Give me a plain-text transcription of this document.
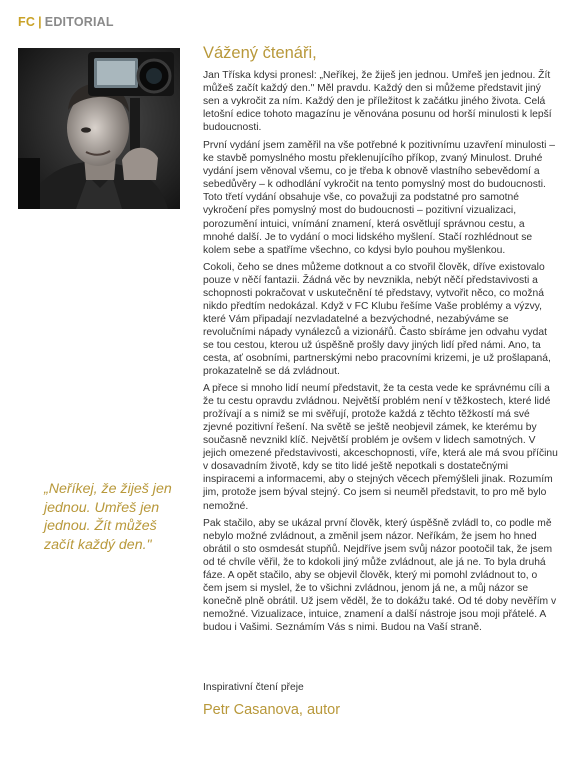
FC | EDITORIAL
„Neříkej, že žiješ jen jednou. Umřeš jen jednou. Žít můžeš začít každý den."
Vážený čtenáři,

Jan Tříska kdysi pronesl: „Neříkej, že žiješ jen jednou. Umřeš jen jednou. Žít můžeš začít každý den." Měl pravdu. Každý den si můžeme představit jiný sen a vykročit za ním. Každý den je příležitost k začátku jiného života. Celá letošní edice tohoto magazínu je věnována posunu od horší minulosti k lepší budoucnosti.

První vydání jsem zaměřil na vše potřebné k pozitivnímu uzavření minulosti – ke stavbě pomyslného mostu překlenujícího příkop, zvaný Minulost. Druhé vydání jsem věnoval všemu, co je třeba k obnově vlastního sebevědomí a sebedůvěry – k odhodlání vykročit na tento pomyslný most do budoucnosti. Toto třetí vydání obsahuje vše, co považuji za podstatné pro samotné vykročení přes pomyslný most do budoucnosti – pozitivní vizualizaci, porozumění intuici, vnímání znamení, která osvětlují správnou cestu, a mnohé další. Je to vydání o moci lidského myšlení. Stačí rozhlédnout se kolem sebe a spatříme všechno, co kdysi bylo pouhou myšlenkou.

Cokoli, čeho se dnes můžeme dotknout a co stvořil člověk, dříve existovalo pouze v něčí fantazii. Žádná věc by nevznikla, nebýt něčí představivosti a schopnosti pokračovat v uskutečnění té představy, vytvořit něco, co možná nikdo předtím nedokázal. Když v FC Klubu řešíme Vaše problémy a výzvy, které Vám připadají nezvladatelné a bezvýchodné, nezabýváme se revolučními nápady vynálezců a vizionářů. Často sbíráme jen odvahu vydat se tou cestou, kterou už úspěšně prošly davy jiných lidí před námi. Ano, ta cesta, ať osobními, partnerskými nebo pracovními krizemi, je už prošlapaná, prokazatelně se dá zvládnout.

A přece si mnoho lidí neumí představit, že ta cesta vede ke správnému cíli a že tu cestu opravdu zvládnou. Největší problém není v těžkostech, které lidé prožívají a s nimiž se mi svěřují, protože každá z těchto těžkostí má své zjevné pozitivní řešení. Na světě se ještě neobjevil zámek, ke kterému by současně nevznikl klíč. Největší problém je ovšem v lidech samotných. V jejich omezené představivosti, akceschopnosti, víře, která ale má svou příčinu v dosavadním životě, kdy se tito lidé ještě nepotkali s dostatečnými inspiracemi a informacemi, aby o stejných věcech přemýšleli jinak. Rozumím jim, protože jsem býval stejný. Co jsem si neuměl představit, to pro mě bylo nemožné.

Pak stačilo, aby se ukázal první člověk, který úspěšně zvládl to, co podle mě nebylo možné zvládnout, a změnil jsem názor. Neříkám, že jsem ho hned obrátil o sto osmdesát stupňů. Nejdříve jsem svůj názor pootočil tak, že jsem od té chvíle věřil, že to kdokoli jiný může zvládnout, ale já ne. To byla druhá fáze. A opět stačilo, aby se objevil člověk, který mi pomohl zvládnout to, o čem jsem si myslel, že to všichni zvládnou, jenom já ne, a můj názor se konečně plně obrátil. Už jsem věděl, že to dokážu také. Od té doby nevěřím v nemožné. Vizualizace, intuice, znamení a další nástroje jsou moji přátelé. A budou i Vašimi. Seznámím Vás s nimi. Budou na Vaší straně.

Inspirativní čtení přeje
Petr Casanova, autor
